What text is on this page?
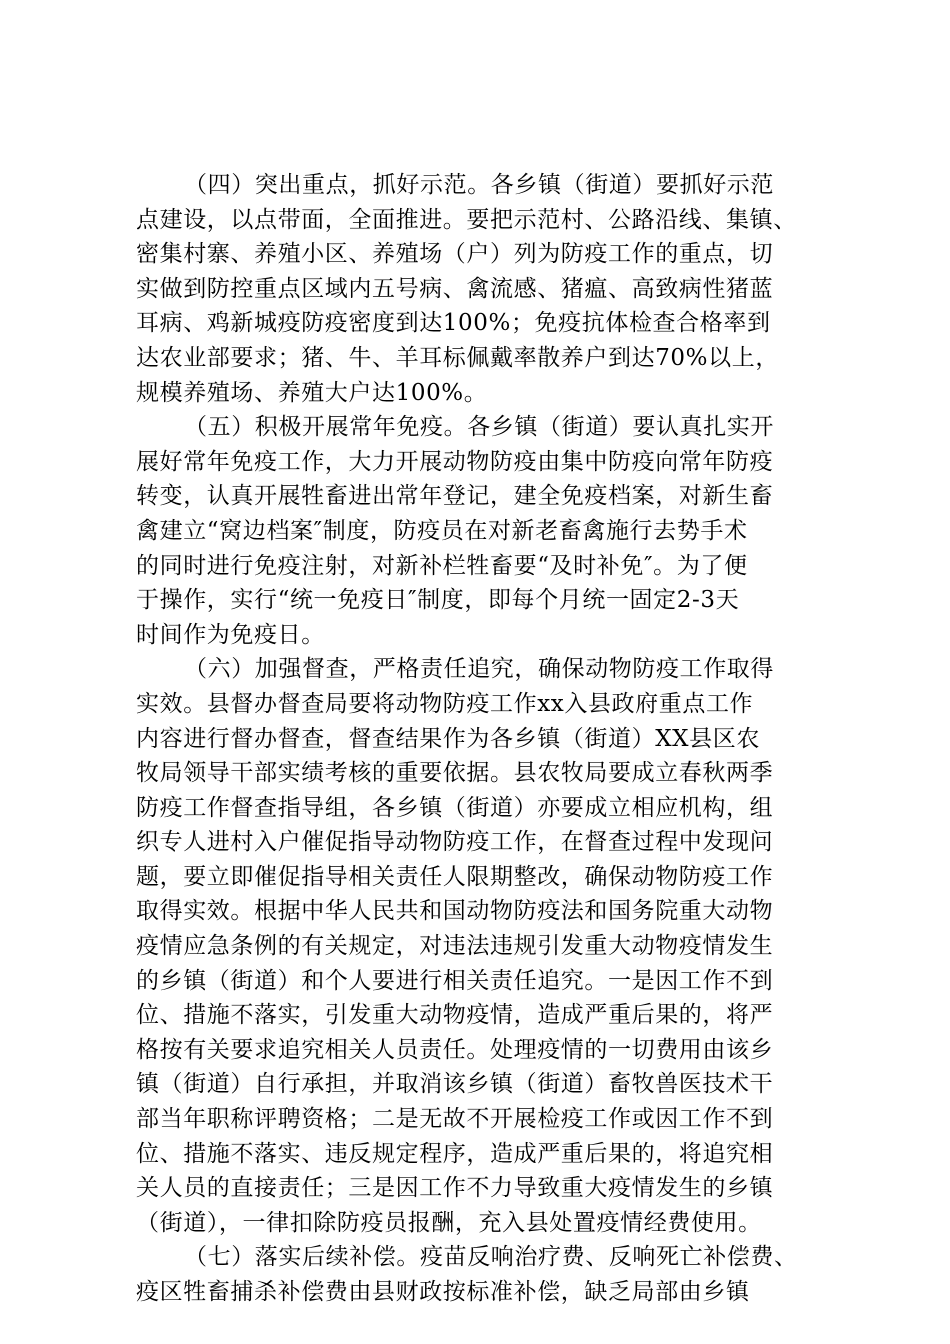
（四）突出重点，抓好示范。各乡镇（街道）要抓好示范
点建设，以点带面，全面推进。要把示范村、公路沿线、集镇、
密集村寨、养殖小区、养殖场（户）列为防疫工作的重点，切
实做到防控重点区域内五号病、禽流感、猪瘟、高致病性猪蓝
耳病、鸡新城疫防疫密度到达100%；免疫抗体检查合格率到
达农业部要求；猪、牛、羊耳标佩戴率散养户到达70%以上，
规模养殖场、养殖大户达100%。
（五）积极开展常年免疫。各乡镇（街道）要认真扎实开
展好常年免疫工作，大力开展动物防疫由集中防疫向常年防疫
转变，认真开展牲畜进出常年登记，建全免疫档案，对新生畜
禽建立“窝边档案″制度，防疫员在对新老畜禽施行去势手术
的同时进行免疫注射，对新补栏牲畜要“及时补免″。为了便
于操作，实行“统一免疫日″制度，即每个月统一固定2-3天
时间作为免疫日。
（六）加强督查，严格责任追究，确保动物防疫工作取得
实效。县督办督查局要将动物防疫工作xx入县政府重点工作
内容进行督办督查，督查结果作为各乡镇（街道）XX县区农
牧局领导干部实绩考核的重要依据。县农牧局要成立春秋两季
防疫工作督查指导组，各乡镇（街道）亦要成立相应机构，组
织专人进村入户催促指导动物防疫工作，在督查过程中发现问
题，要立即催促指导相关责任人限期整改，确保动物防疫工作
取得实效。根据中华人民共和国动物防疫法和国务院重大动物
疫情应急条例的有关规定，对违法违规引发重大动物疫情发生
的乡镇（街道）和个人要进行相关责任追究。一是因工作不到
位、措施不落实，引发重大动物疫情，造成严重后果的，将严
格按有关要求追究相关人员责任。处理疫情的一切费用由该乡
镇（街道）自行承担，并取消该乡镇（街道）畜牧兽医技术干
部当年职称评聘资格；二是无故不开展检疫工作或因工作不到
位、措施不落实、违反规定程序，造成严重后果的，将追究相
关人员的直接责任；三是因工作不力导致重大疫情发生的乡镇
（街道），一律扣除防疫员报酬，充入县处置疫情经费使用。
（七）落实后续补偿。疫苗反响治疗费、反响死亡补偿费、
疫区牲畜捕杀补偿费由县财政按标准补偿，缺乏局部由乡镇
